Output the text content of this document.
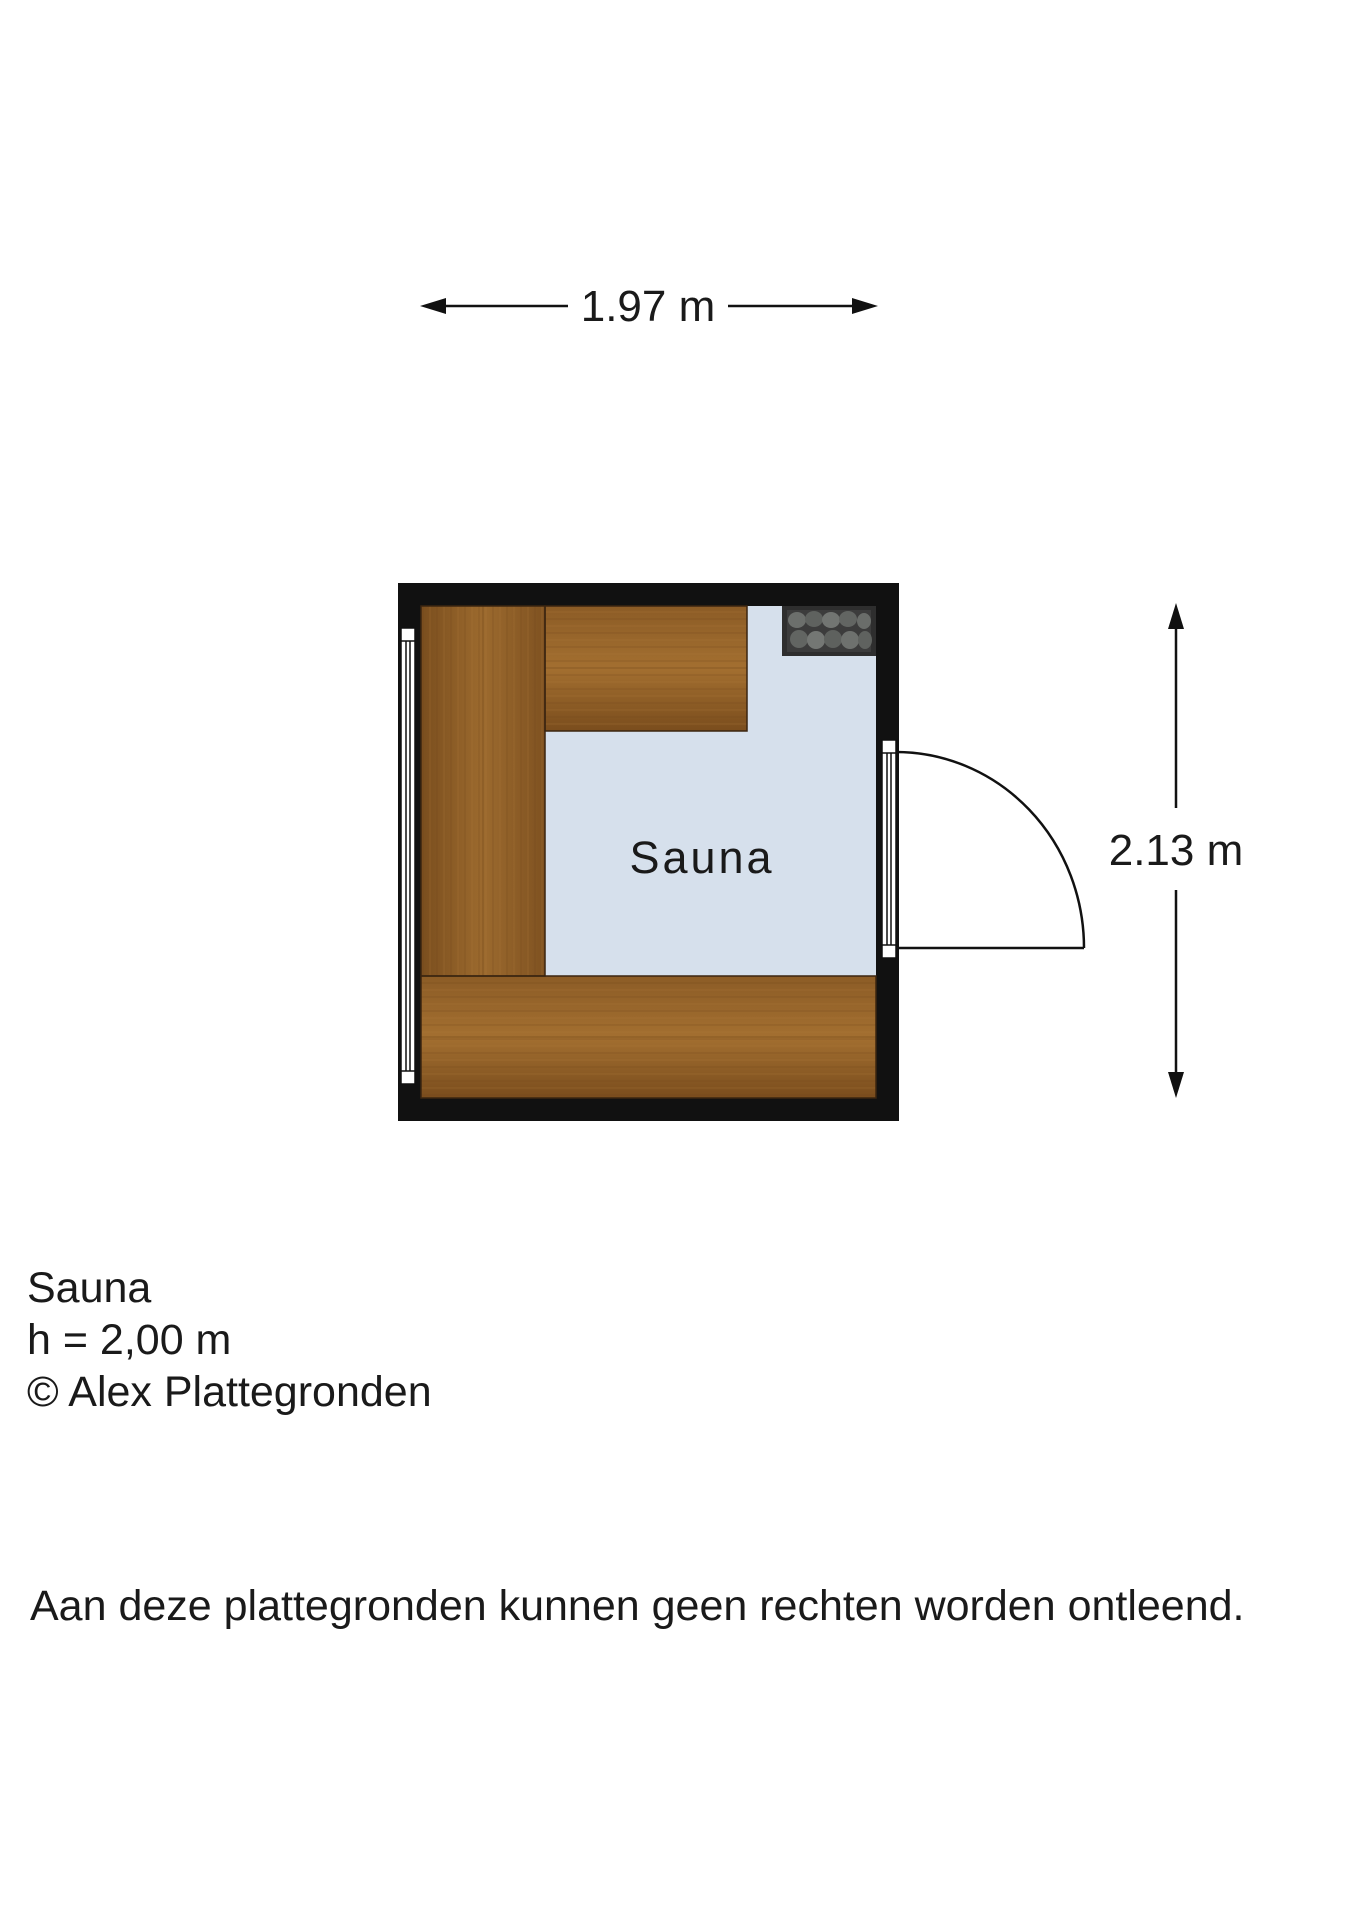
1.97 m
2.13 m
Sauna
Sauna
h = 2,00 m
© Alex Plattegronden
Aan deze plattegronden kunnen geen rechten worden ontleend.
